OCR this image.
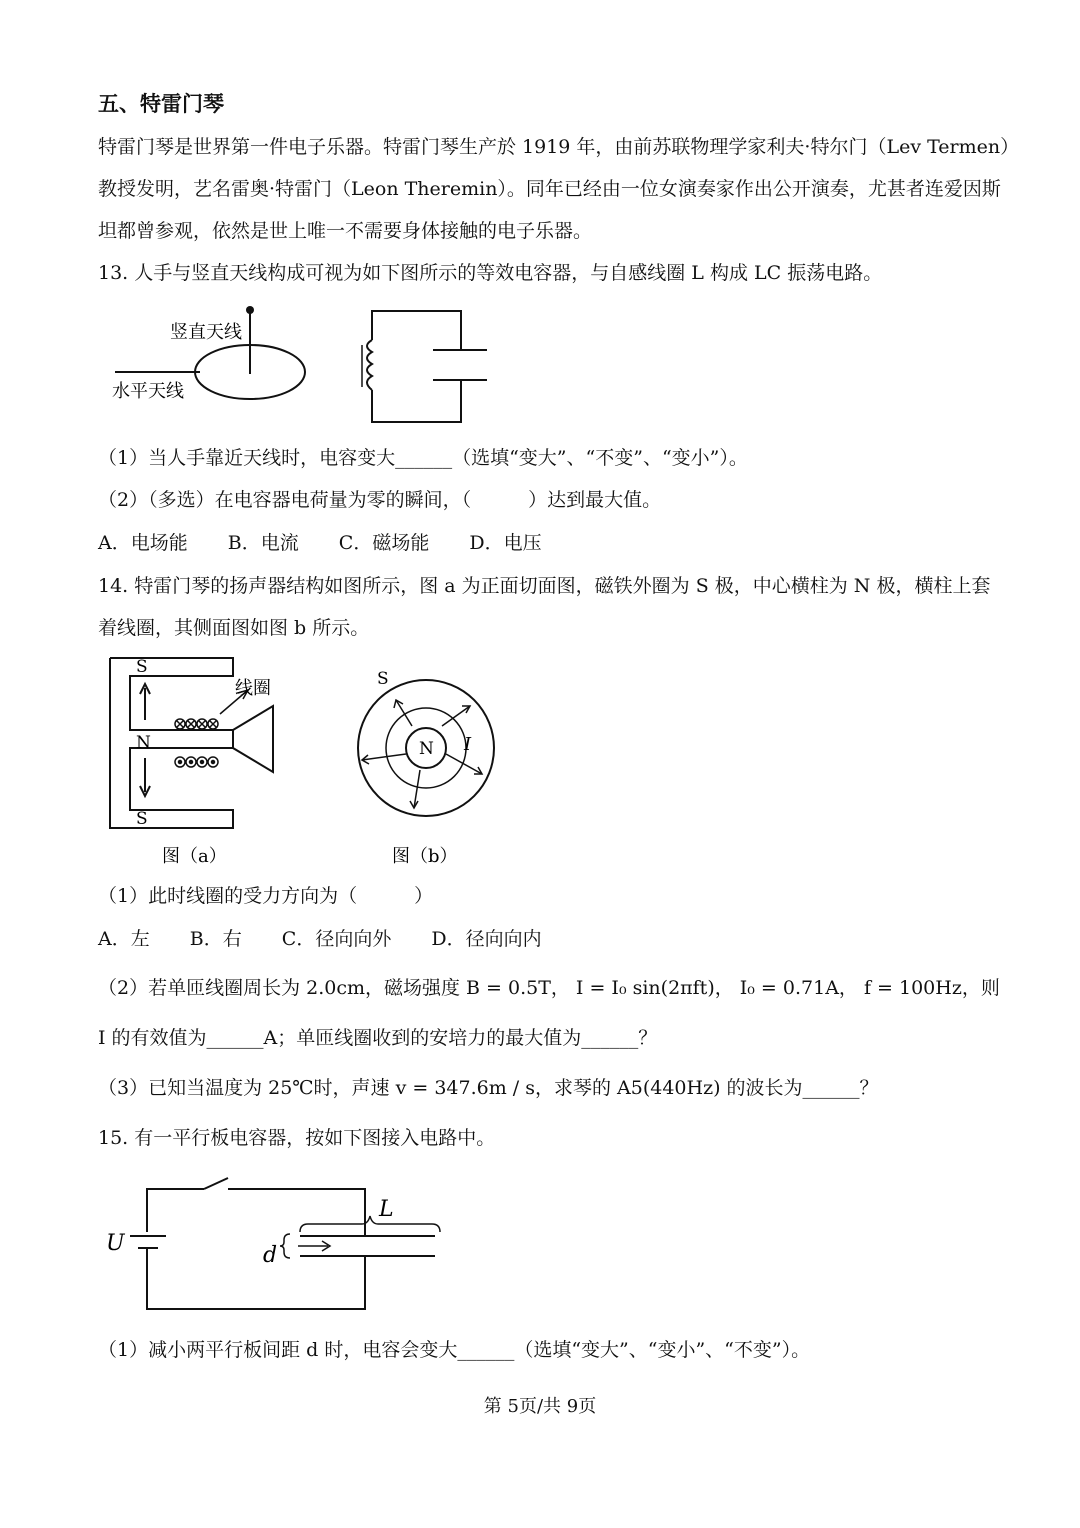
五、特雷门琴
特雷门琴是世界第一件电子乐器。特雷门琴生产於 1919 年，由前苏联物理学家利夫·特尔门（Lev Termen）
教授发明，艺名雷奥·特雷门（Leon Theremin）。同年已经由一位女演奏家作出公开演奏，尤甚者连爱因斯
坦都曾参观，依然是世上唯一不需要身体接触的电子乐器。
13. 人手与竖直天线构成可视为如下图所示的等效电容器，与自感线圈 L 构成 LC 振荡电路。
竖直天线
水平天线
（1）当人手靠近天线时，电容变大______（选填“变大”、“不变”、“变小”）。
（2）（多选）在电容器电荷量为零的瞬间，（　　　）达到最大值。
A．电场能 B．电流 C．磁场能 D．电压
14. 特雷门琴的扬声器结构如图所示，图 a 为正面切面图，磁铁外圈为 S 极，中心横柱为 N 极，横柱上套
着线圈，其侧面图如图 b 所示。
S
N
S
线圈
图（a）
S
N I
图（b）
（1）此时线圈的受力方向为（　　　）
A．左 B．右 C．径向向外 D．径向向内
（2）若单匝线圈周长为 2.0cm，磁场强度 B = 0.5T， I = I₀ sin(2πft)， I₀ = 0.71A， f = 100Hz，则
I 的有效值为______A；单匝线圈收到的安培力的最大值为______？
（3）已知当温度为 25℃时，声速 v = 347.6m / s，求琴的 A5(440Hz) 的波长为______？
15. 有一平行板电容器，按如下图接入电路中。
U	d
L
（1）减小两平行板间距 d 时，电容会变大______（选填“变大”、“变小”、“不变”）。
第 5页/共 9页
